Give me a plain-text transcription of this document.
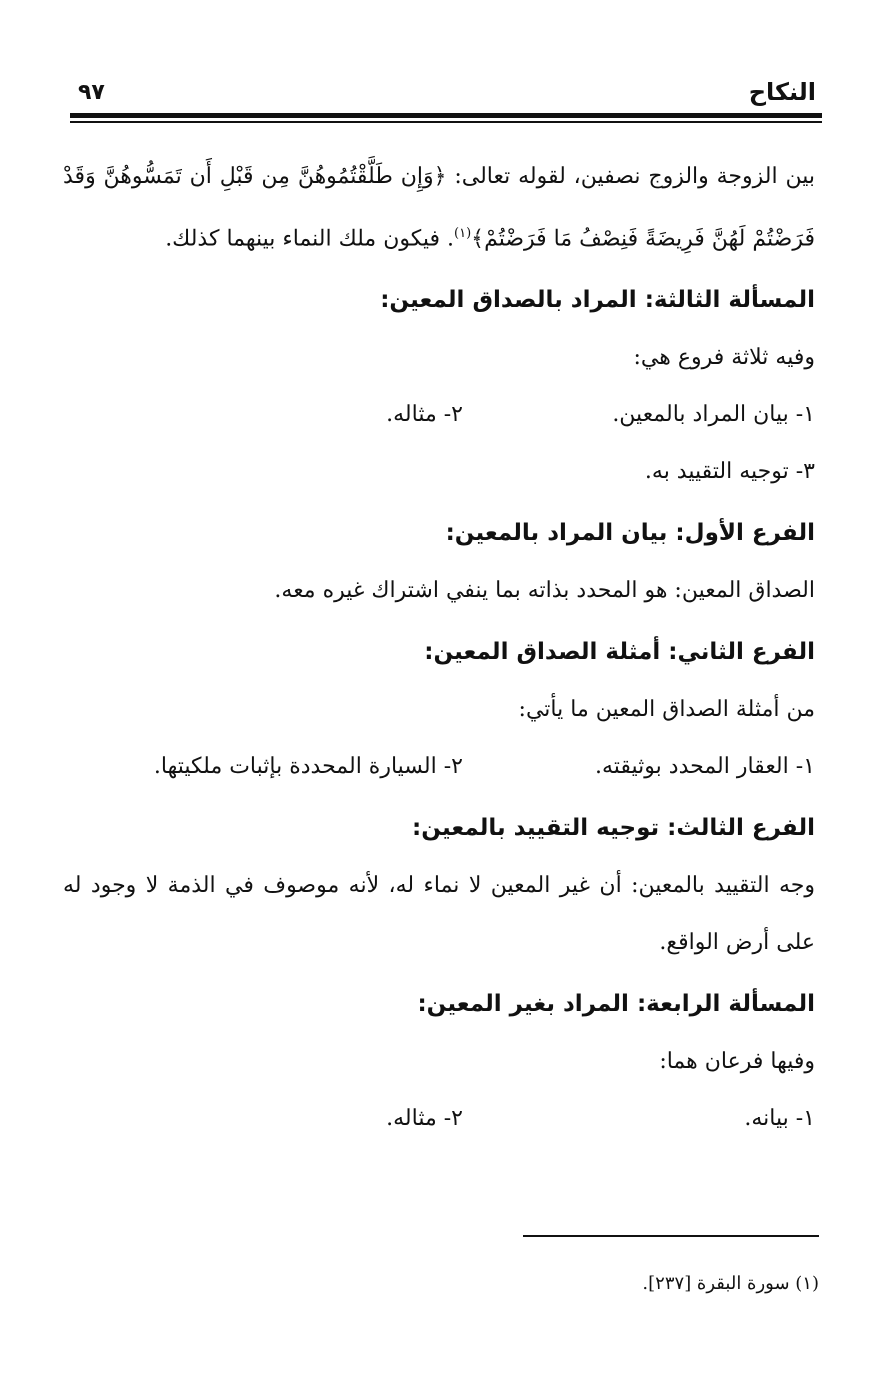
النكاح
٩٧

بين الزوجة والزوج نصفين، لقوله تعالى: ﴿وَإِن طَلَّقْتُمُوهُنَّ مِن قَبْلِ أَن تَمَسُّوهُنَّ وَقَدْ فَرَضْتُمْ لَهُنَّ فَرِيضَةً فَنِصْفُ مَا فَرَضْتُمْ﴾$^{(١)}$. فيكون ملك النماء بينهما كذلك.

المسألة الثالثة: المراد بالصداق المعين:

وفيه ثلاثة فروع هي:

١- بيان المراد بالمعين.
٢- مثاله.

٣- توجيه التقييد به.

الفرع الأول: بيان المراد بالمعين:

الصداق المعين: هو المحدد بذاته بما ينفي اشتراك غيره معه.

الفرع الثاني: أمثلة الصداق المعين:

من أمثلة الصداق المعين ما يأتي:

١- العقار المحدد بوثيقته.
٢- السيارة المحددة بإثبات ملكيتها.
الفرع الثالث: توجيه التقييد بالمعين:

وجه التقييد بالمعين: أن غير المعين لا نماء له، لأنه موصوف في الذمة لا وجود له على أرض الواقع.

المسألة الرابعة: المراد بغير المعين:

وفيها فرعان هما:

١- بيانه.
٢- مثاله.

(١) سورة البقرة [٢٣٧].
